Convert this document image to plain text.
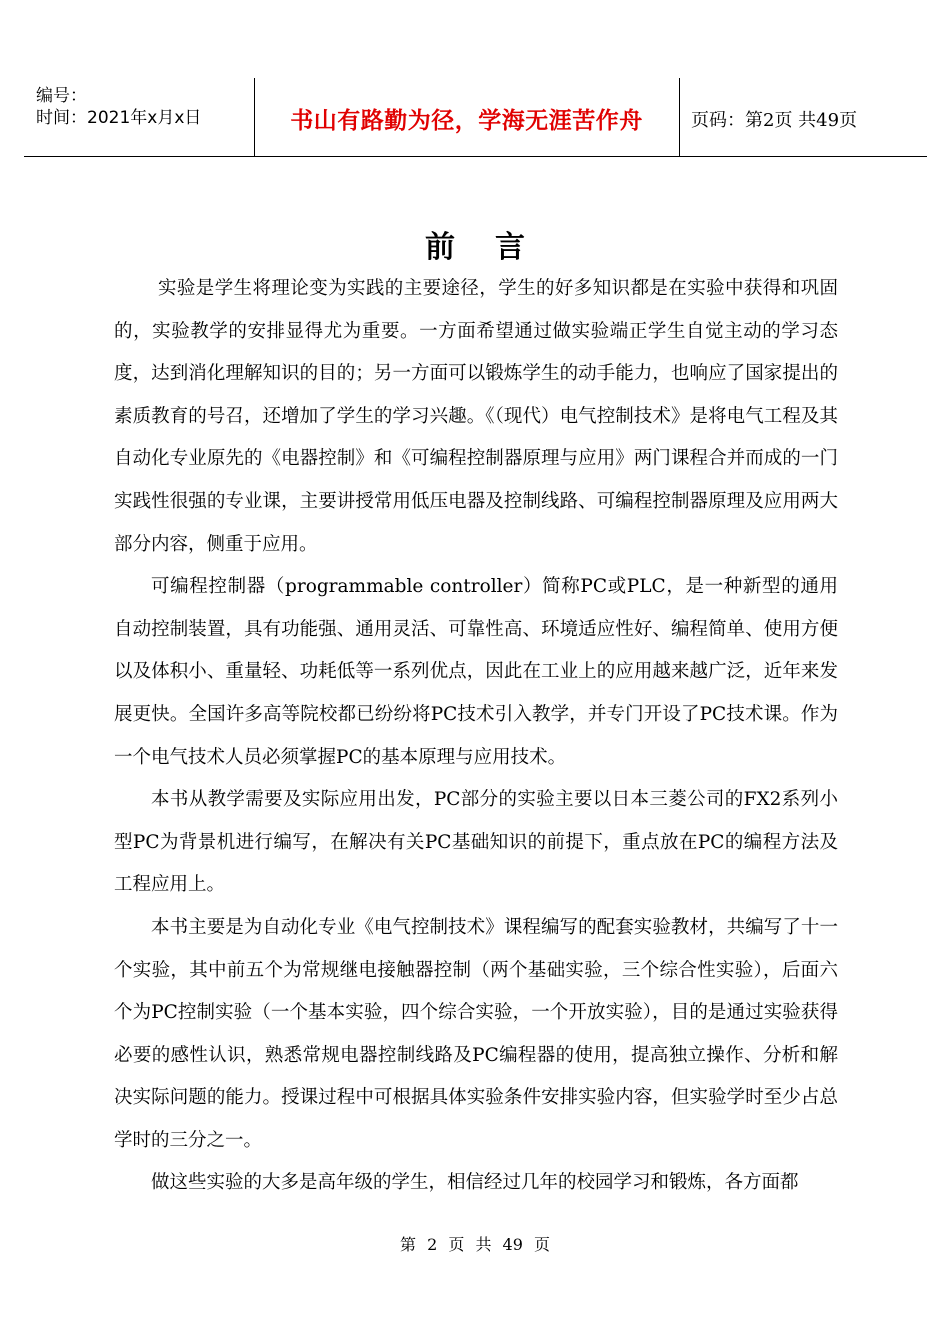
编号：
时间：2021年x月x日	书山有路勤为径，学海无涯苦作舟	页码：第2页 共49页
前言

实验是学生将理论变为实践的主要途径，学生的好多知识都是在实验中获得和巩固的，实验教学的安排显得尤为重要。一方面希望通过做实验端正学生自觉主动的学习态度，达到消化理解知识的目的；另一方面可以锻炼学生的动手能力，也响应了国家提出的素质教育的号召，还增加了学生的学习兴趣。《（现代）电气控制技术》是将电气工程及其自动化专业原先的《电器控制》和《可编程控制器原理与应用》两门课程合并而成的一门实践性很强的专业课，主要讲授常用低压电器及控制线路、可编程控制器原理及应用两大部分内容，侧重于应用。

可编程控制器（programmable controller）简称PC或PLC，是一种新型的通用自动控制装置，具有功能强、通用灵活、可靠性高、环境适应性好、编程简单、使用方便以及体积小、重量轻、功耗低等一系列优点，因此在工业上的应用越来越广泛，近年来发展更快。全国许多高等院校都已纷纷将PC技术引入教学，并专门开设了PC技术课。作为一个电气技术人员必须掌握PC的基本原理与应用技术。

本书从教学需要及实际应用出发，PC部分的实验主要以日本三菱公司的FX2系列小型PC为背景机进行编写，在解决有关PC基础知识的前提下，重点放在PC的编程方法及工程应用上。

本书主要是为自动化专业《电气控制技术》课程编写的配套实验教材，共编写了十一个实验，其中前五个为常规继电接触器控制（两个基础实验，三个综合性实验），后面六个为PC控制实验（一个基本实验，四个综合实验，一个开放实验），目的是通过实验获得必要的感性认识，熟悉常规电器控制线路及PC编程器的使用，提高独立操作、分析和解决实际问题的能力。授课过程中可根据具体实验条件安排实验内容，但实验学时至少占总学时的三分之一。

做这些实验的大多是高年级的学生，相信经过几年的校园学习和锻炼，各方面都

第 2 页 共 49 页
